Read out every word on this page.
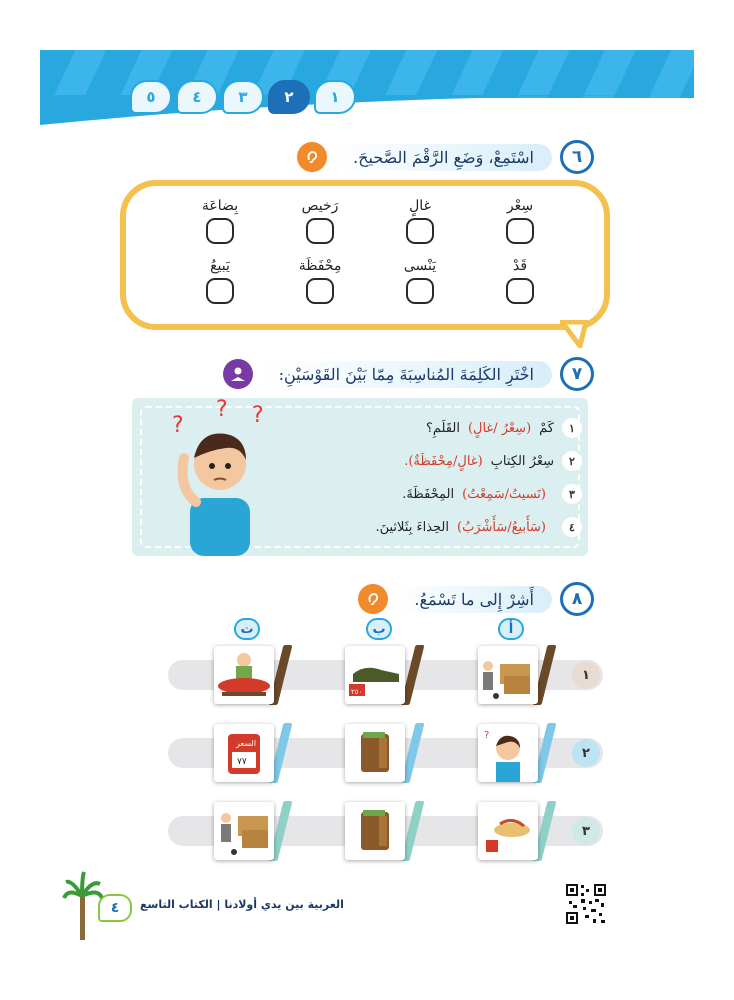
٥	٤	٣	٢	١
٦
اسْتَمِعْ، وَضَعِ الرَّقْمَ الصَّحيحَ.
سِعْر
غالٍ
رَخيص
بِضاعَة
قَدْ
يَنْسى
مِحْفَظَة
يَبيعُ
٧
اخْتَرِ الكَلِمَةَ المُناسِبَةَ مِمّا بَيْنَ القَوْسَيْنِ:
?
? ?	١
كَمْ
(سِعْرُ /غالٍ)
القَلَمِ؟
٢
سِعْرُ الكِتابِ
(غالٍ/مِحْفَظَةٌ).
٣
(نَسيتُ/سَمِعْتُ)
المِحْفَظَةَ.
٤
(سَأَبيعُ/سَأَشْرَبُ)
الحِذاءَ بِثَلاثينَ.
٨
أَشِرْ إِلى ما تَسْمَعُ.
أ
ب
ت
١
٢٥٠
٢
?
السعر
٧٧
٣
٤	العربية بين يدي أولادنا | الكتاب التاسع
